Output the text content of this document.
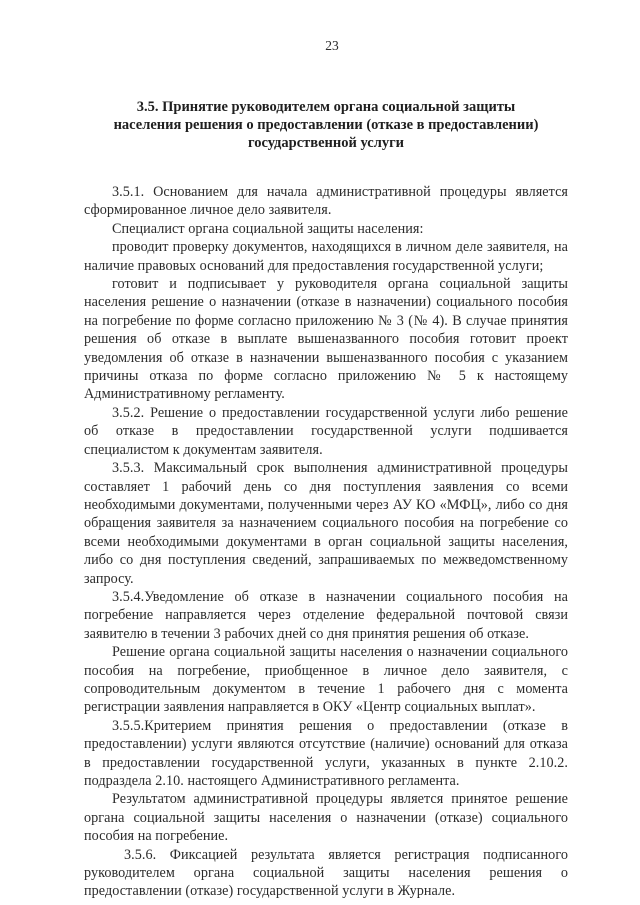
23
3.5. Принятие руководителем органа социальной защиты
населения решения о предоставлении (отказе в предоставлении)
государственной услуги

3.5.1. Основанием для начала административной процедуры является сформированное личное дело заявителя.

Специалист органа социальной защиты населения:

проводит проверку документов, находящихся в личном деле заявителя, на наличие правовых оснований для предоставления государственной услуги;

готовит и подписывает у руководителя органа социальной защиты населения решение о назначении (отказе в назначении) социального пособия на погребение по форме согласно приложению № 3 (№ 4). В случае принятия решения об отказе в выплате вышеназванного пособия готовит проект уведомления об отказе в назначении вышеназванного пособия с указанием причины отказа по форме согласно приложению № 5 к настоящему Административному регламенту.

3.5.2. Решение о предоставлении государственной услуги либо решение об отказе в предоставлении государственной услуги подшивается специалистом к документам заявителя.

3.5.3. Максимальный срок выполнения административной процедуры составляет 1 рабочий день со дня поступления заявления со всеми необходимыми документами, полученными через АУ КО «МФЦ», либо со дня обращения заявителя за назначением социального пособия на погребение со всеми необходимыми документами в орган социальной защиты населения, либо со дня поступления сведений, запрашиваемых по межведомственному запросу.

3.5.4.Уведомление об отказе в назначении социального пособия на погребение направляется через отделение федеральной почтовой связи заявителю в течении 3 рабочих дней со дня принятия решения об отказе.

Решение органа социальной защиты населения о назначении социального пособия на погребение, приобщенное в личное дело заявителя, с сопроводительным документом в течение 1 рабочего дня с момента регистрации заявления направляется в ОКУ «Центр социальных выплат».

3.5.5.Критерием принятия решения о предоставлении (отказе в предоставлении) услуги являются отсутствие (наличие) оснований для отказа в предоставлении государственной услуги, указанных в пункте 2.10.2. подраздела 2.10. настоящего Административного регламента.

Результатом административной процедуры является принятое решение органа социальной защиты населения о назначении (отказе) социального пособия на погребение.

3.5.6. Фиксацией результата является регистрация подписанного руководителем органа социальной защиты населения решения о предоставлении (отказе) государственной услуги в Журнале.
